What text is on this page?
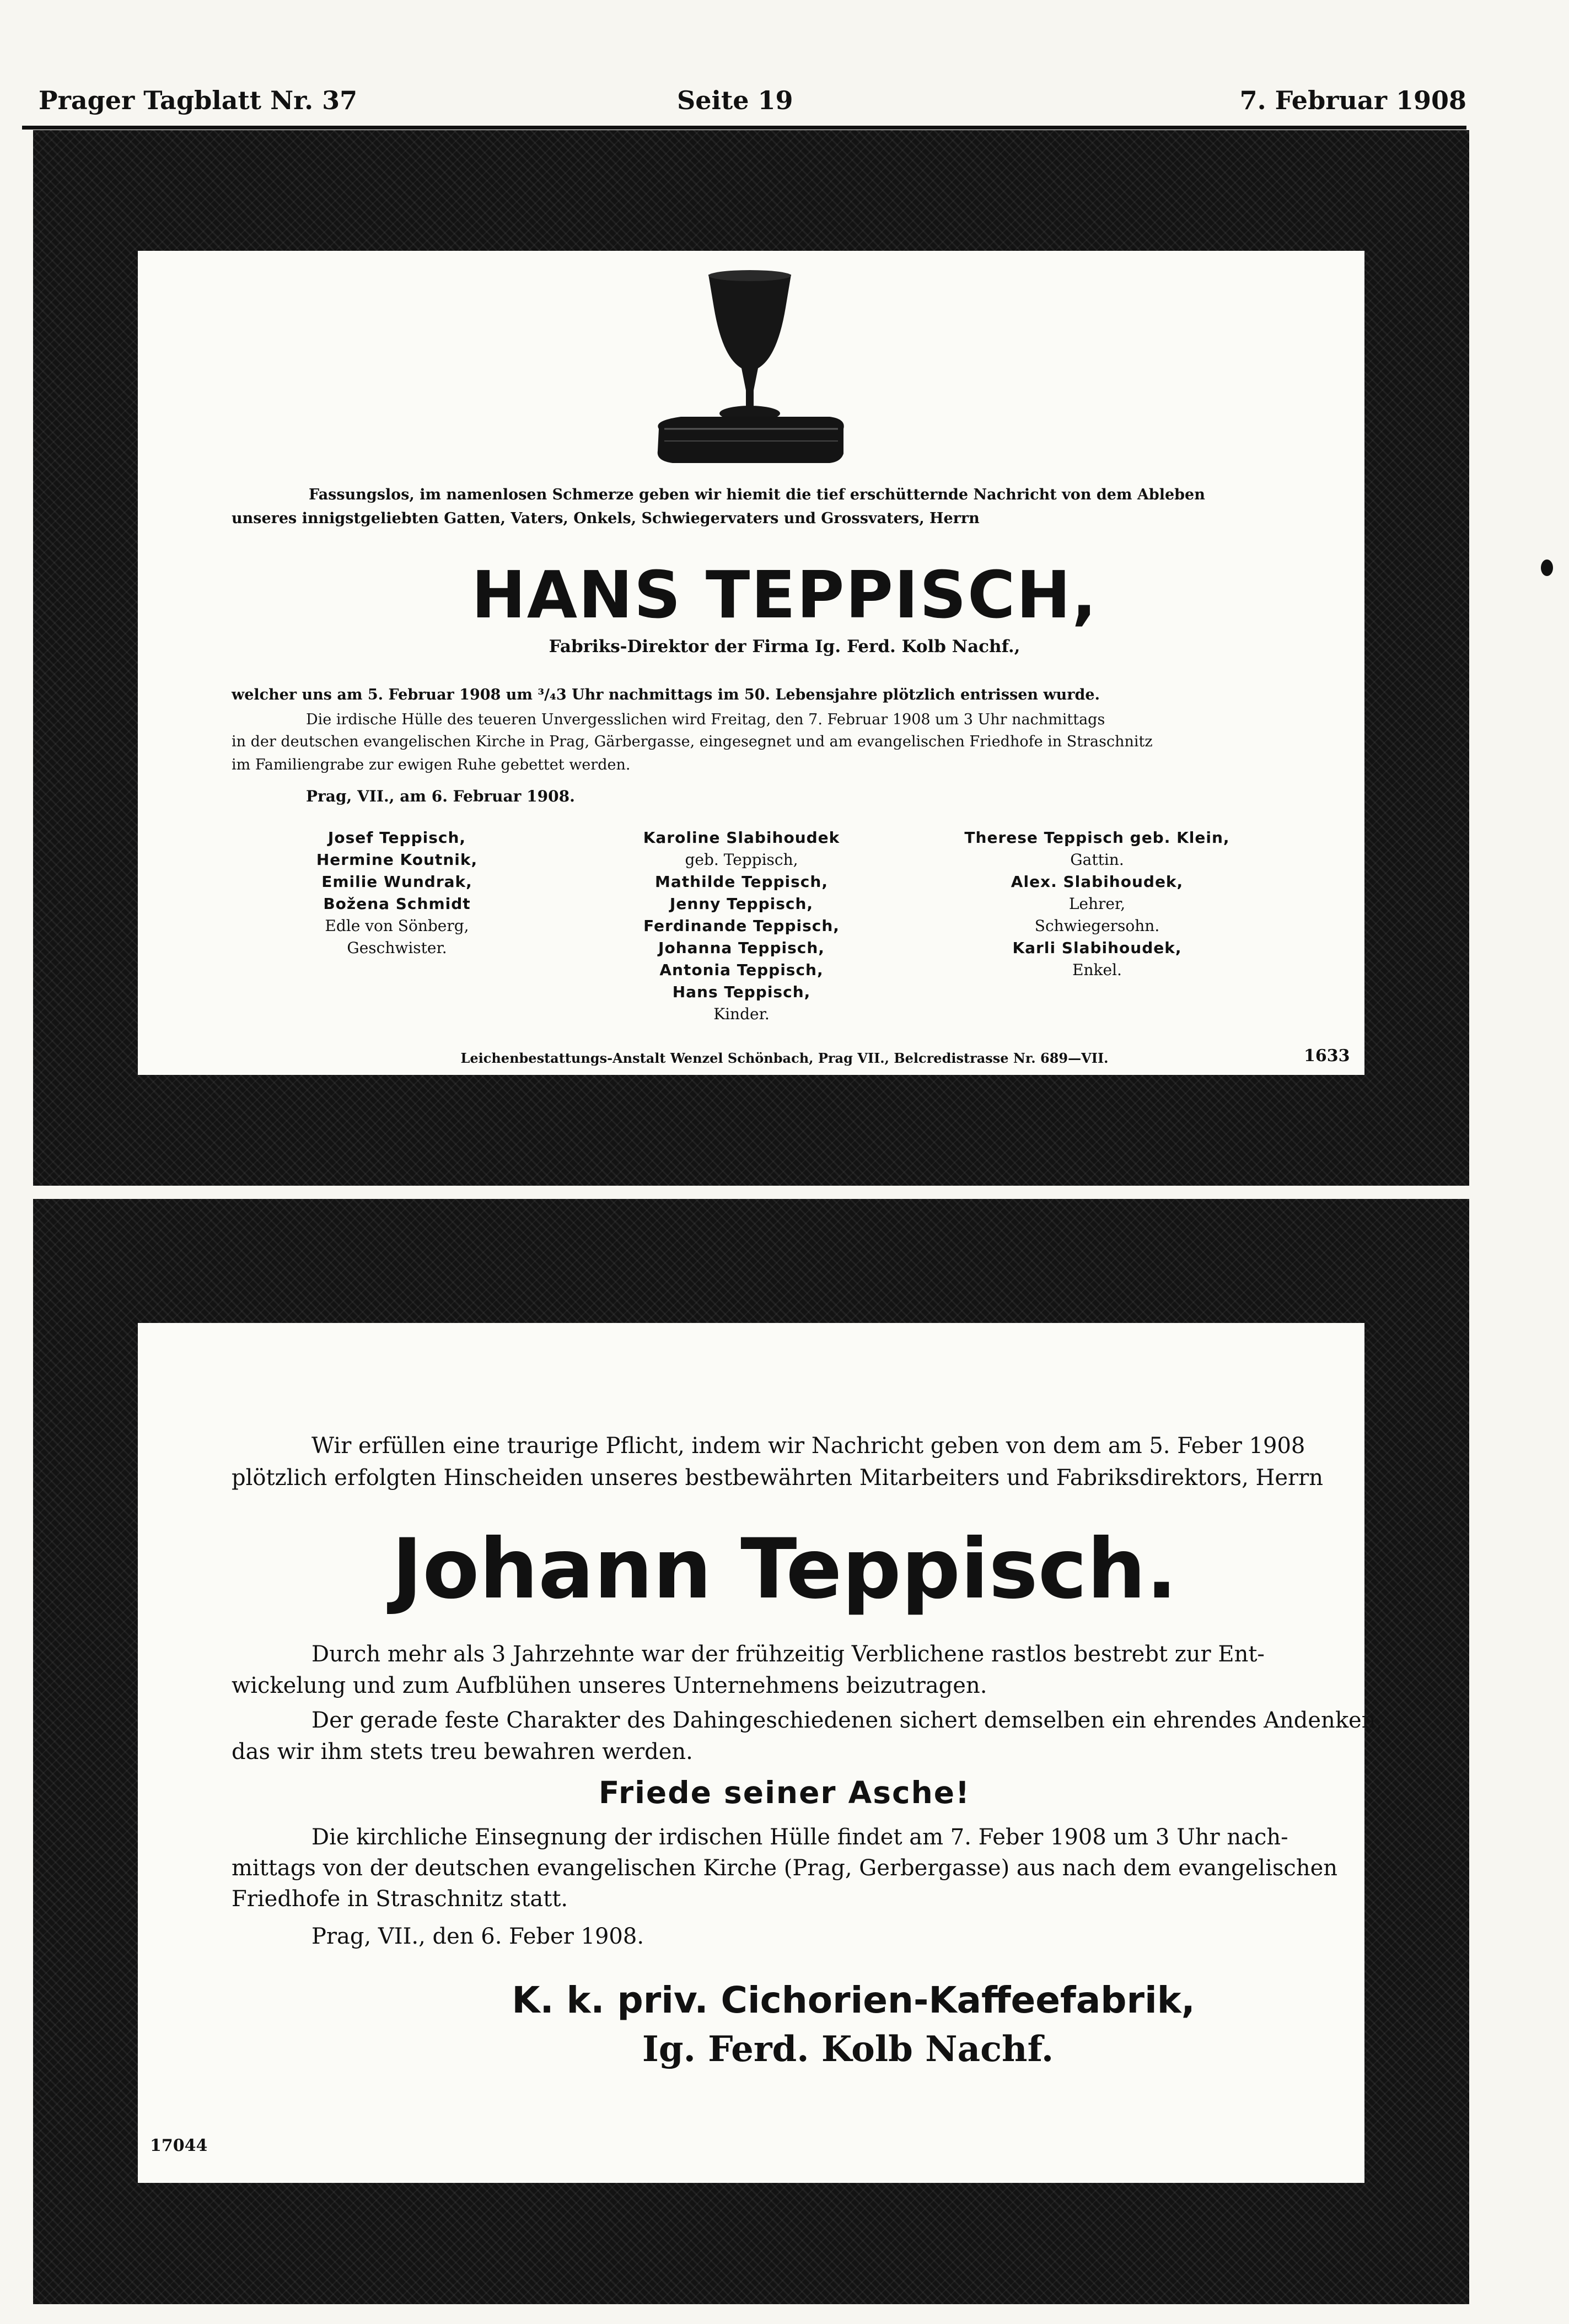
Prager Tagblatt Nr. 37	Seite 19	7. Februar 1908

Fassungslos, im namenlosen Schmerze geben wir hiemit die tief erschütternde Nachricht von dem Ableben

unseres innigstgeliebten Gatten, Vaters, Onkels, Schwiegervaters und Grossvaters, Herrn

HANS TEPPISCH,

Fabriks-Direktor der Firma Ig. Ferd. Kolb Nachf.,

welcher uns am 5. Februar 1908 um ³/₄3 Uhr nachmittags im 50. Lebensjahre plötzlich entrissen wurde.

Die irdische Hülle des teueren Unvergesslichen wird Freitag, den 7. Februar 1908 um 3 Uhr nachmittags

in der deutschen evangelischen Kirche in Prag, Gärbergasse, eingesegnet und am evangelischen Friedhofe in Straschnitz

im Familiengrabe zur ewigen Ruhe gebettet werden.

Prag, VII., am 6. Februar 1908.

Josef Teppisch,
Hermine Koutnik,
Emilie Wundrak,
Božena Schmidt
Edle von Sönberg,
Geschwister.
Karoline Slabihoudek
geb. Teppisch,
Mathilde Teppisch,
Jenny Teppisch,
Ferdinande Teppisch,
Johanna Teppisch,
Antonia Teppisch,
Hans Teppisch,
Kinder.
Therese Teppisch geb. Klein,
Gattin.
Alex. Slabihoudek,
Lehrer,
Schwiegersohn.
Karli Slabihoudek,
Enkel.

Leichenbestattungs-Anstalt Wenzel Schönbach, Prag VII., Belcredistrasse Nr. 689—VII.	1633

Wir erfüllen eine traurige Pflicht, indem wir Nachricht geben von dem am 5. Feber 1908

plötzlich erfolgten Hinscheiden unseres bestbewährten Mitarbeiters und Fabriksdirektors, Herrn

Johann Teppisch.

Durch mehr als 3 Jahrzehnte war der frühzeitig Verblichene rastlos bestrebt zur Ent-

wickelung und zum Aufblühen unseres Unternehmens beizutragen.

Der gerade feste Charakter des Dahingeschiedenen sichert demselben ein ehrendes Andenken,

das wir ihm stets treu bewahren werden.

Friede seiner Asche!

Die kirchliche Einsegnung der irdischen Hülle findet am 7. Feber 1908 um 3 Uhr nach-

mittags von der deutschen evangelischen Kirche (Prag, Gerbergasse) aus nach dem evangelischen

Friedhofe in Straschnitz statt.

Prag, VII., den 6. Feber 1908.

K. k. priv. Cichorien-Kaffeefabrik,

Ig. Ferd. Kolb Nachf.

17044
